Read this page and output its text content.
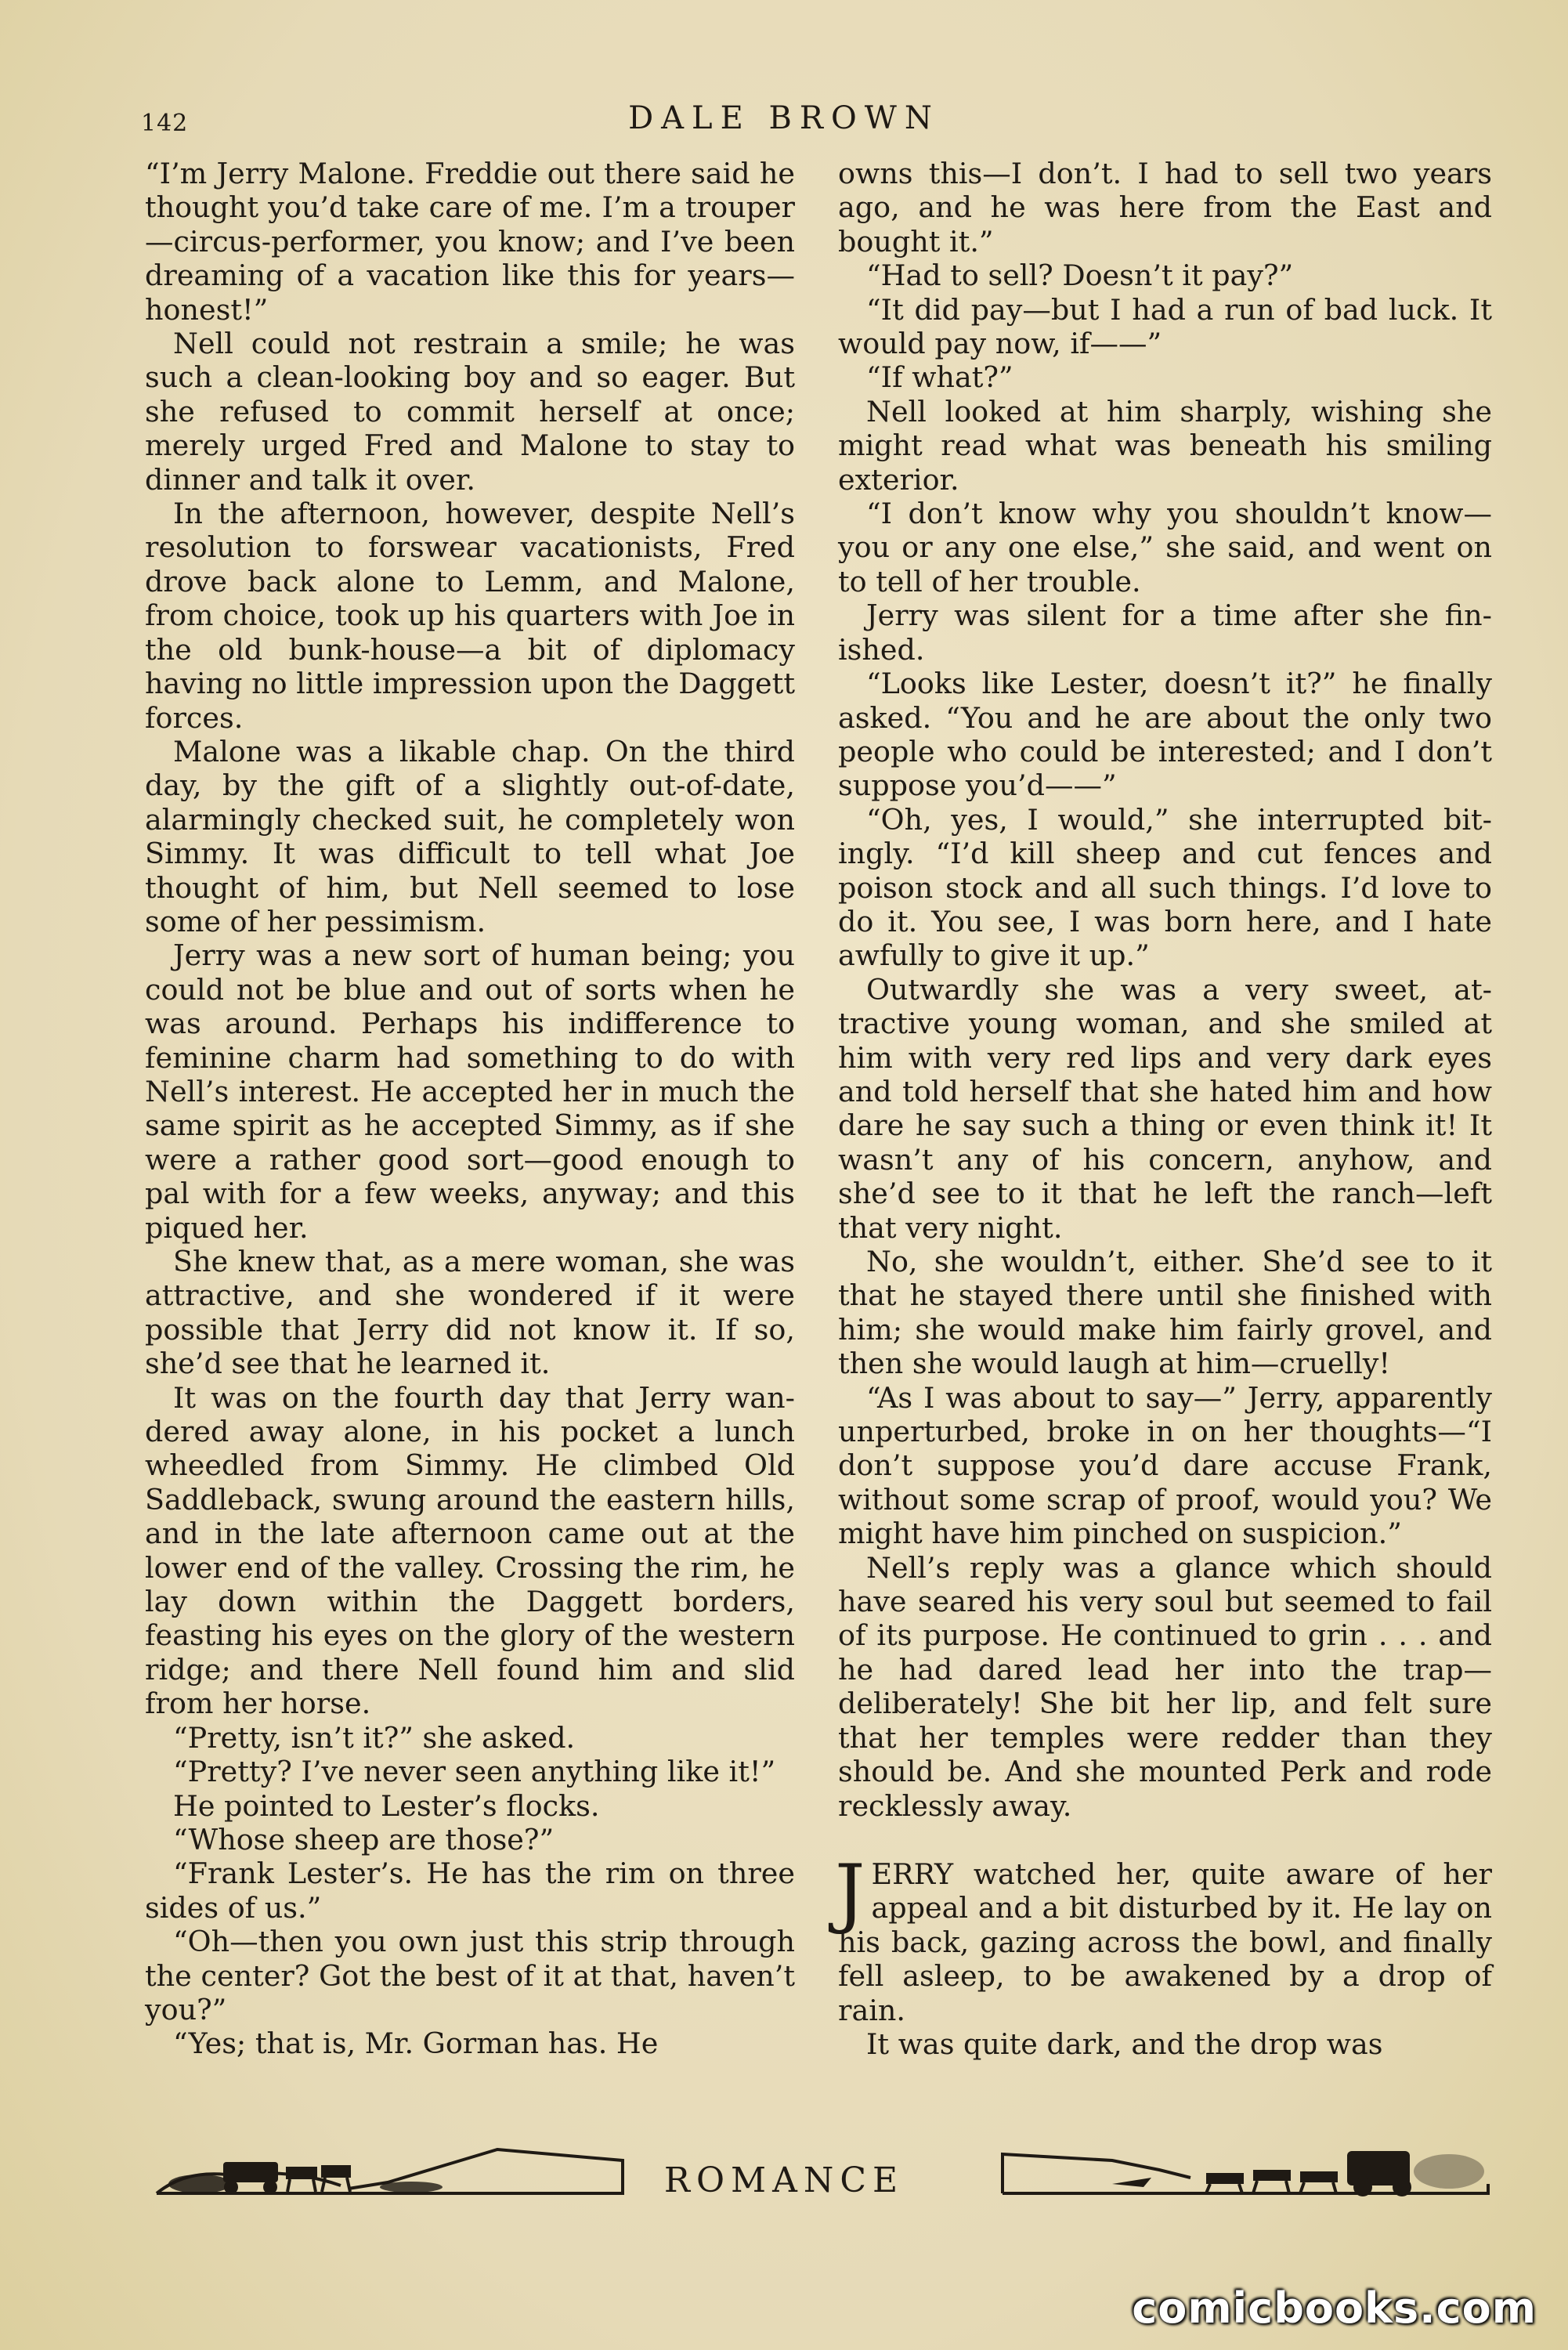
142	DALE BROWN

“I’m Jerry Malone. Freddie out there said he thought you’d take care of me. I’m a trouper—circus-performer, you know; and I’ve been dreaming of a vacation like this for years—honest!”

Nell could not restrain a smile; he was such a clean-looking boy and so eager. But she refused to commit herself at once; merely urged Fred and Malone to stay to dinner and talk it over.

In the afternoon, however, despite Nell’s resolution to forswear vacationists, Fred drove back alone to Lemm, and Malone, from choice, took up his quarters with Joe in the old bunk-house—a bit of diplomacy having no little impression upon the Daggett forces.

Malone was a likable chap. On the third day, by the gift of a slightly out-of-date, alarmingly checked suit, he completely won Simmy. It was difficult to tell what Joe thought of him, but Nell seemed to lose some of her pessimism.

Jerry was a new sort of human being; you could not be blue and out of sorts when he was around. Perhaps his indifference to feminine charm had something to do with Nell’s interest. He accepted her in much the same spirit as he accepted Simmy, as if she were a rather good sort—good enough to pal with for a few weeks, anyway; and this piqued her.

She knew that, as a mere woman, she was attractive, and she wondered if it were possible that Jerry did not know it. If so, she’d see that he learned it.

It was on the fourth day that Jerry wandered away alone, in his pocket a lunch wheedled from Simmy. He climbed Old Saddleback, swung around the eastern hills, and in the late afternoon came out at the lower end of the valley. Crossing the rim, he lay down within the Daggett borders, feasting his eyes on the glory of the western ridge; and there Nell found him and slid from her horse.

“Pretty, isn’t it?” she asked.

“Pretty? I’ve never seen anything like it!”

He pointed to Lester’s flocks.

“Whose sheep are those?”

“Frank Lester’s. He has the rim on three sides of us.”

“Oh—then you own just this strip through the center? Got the best of it at that, haven’t you?”

“Yes; that is, Mr. Gorman has. He

owns this—I don’t. I had to sell two years ago, and he was here from the East and bought it.”

“Had to sell? Doesn’t it pay?”

“It did pay—but I had a run of bad luck. It would pay now, if——”

“If what?”

Nell looked at him sharply, wishing she might read what was beneath his smiling exterior.

“I don’t know why you shouldn’t know—you or any one else,” she said, and went on to tell of her trouble.

Jerry was silent for a time after she finished.

“Looks like Lester, doesn’t it?” he finally asked. “You and he are about the only two people who could be interested; and I don’t suppose you’d——”

“Oh, yes, I would,” she interrupted bitingly. “I’d kill sheep and cut fences and poison stock and all such things. I’d love to do it. You see, I was born here, and I hate awfully to give it up.”

Outwardly she was a very sweet, attractive young woman, and she smiled at him with very red lips and very dark eyes and told herself that she hated him and how dare he say such a thing or even think it! It wasn’t any of his concern, anyhow, and she’d see to it that he left the ranch—left that very night.

No, she wouldn’t, either. She’d see to it that he stayed there until she finished with him; she would make him fairly grovel, and then she would laugh at him—cruelly!

“As I was about to say—” Jerry, apparently unperturbed, broke in on her thoughts—“I don’t suppose you’d dare accuse Frank, without some scrap of proof, would you? We might have him pinched on suspicion.”

Nell’s reply was a glance which should have seared his very soul but seemed to fail of its purpose. He continued to grin . . . and he had dared lead her into the trap—deliberately! She bit her lip, and felt sure that her temples were redder than they should be. And she mounted Perk and rode recklessly away.

JERRY watched her, quite aware of her appeal and a bit disturbed by it. He lay on his back, gazing across the bowl, and finally fell asleep, to be awakened by a drop of rain.

It was quite dark, and the drop was

ROMANCE
comicbooks.com
